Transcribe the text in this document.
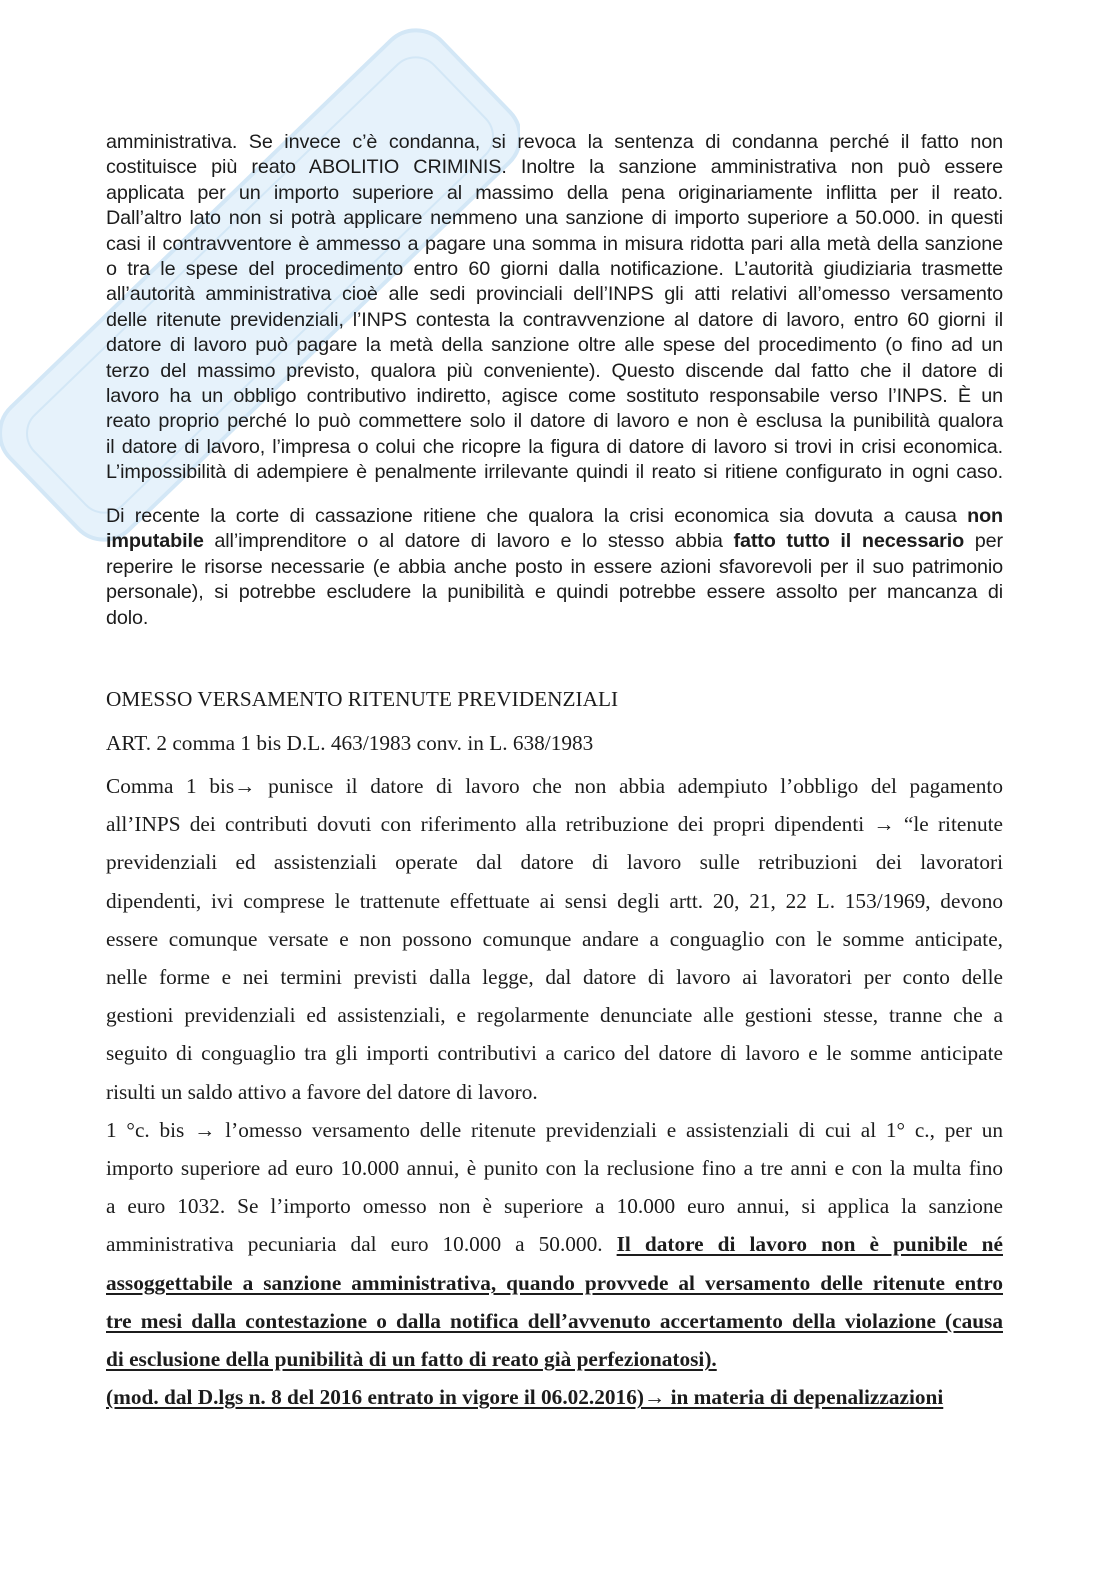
amministrativa. Se invece c’è condanna, si revoca la sentenza di condanna perché il fatto non
costituisce più reato ABOLITIO CRIMINIS. Inoltre la sanzione amministrativa non può essere
applicata per un importo superiore al massimo della pena originariamente inflitta per il reato.
Dall’altro lato non si potrà applicare nemmeno una sanzione di importo superiore a 50.000. in questi
casi il contravventore è ammesso a pagare una somma in misura ridotta pari alla metà della sanzione
o tra le spese del procedimento entro 60 giorni dalla notificazione. L’autorità giudiziaria trasmette
all’autorità amministrativa cioè alle sedi provinciali dell’INPS gli atti relativi all’omesso versamento
delle ritenute previdenziali, l’INPS contesta la contravvenzione al datore di lavoro, entro 60 giorni il
datore di lavoro può pagare la metà della sanzione oltre alle spese del procedimento (o fino ad un
terzo del massimo previsto, qualora più conveniente). Questo discende dal fatto che il datore di
lavoro ha un obbligo contributivo indiretto, agisce come sostituto responsabile verso l’INPS. È un
reato proprio perché lo può commettere solo il datore di lavoro e non è esclusa la punibilità qualora
il datore di lavoro, l’impresa o colui che ricopre la figura di datore di lavoro si trovi in crisi economica.
L’impossibilità di adempiere è penalmente irrilevante quindi il reato si ritiene configurato in ogni caso.
Di recente la corte di cassazione ritiene che qualora la crisi economica sia dovuta a causa non
imputabile all’imprenditore o al datore di lavoro e lo stesso abbia fatto tutto il necessario per
reperire le risorse necessarie (e abbia anche posto in essere azioni sfavorevoli per il suo patrimonio
personale), si potrebbe escludere la punibilità e quindi potrebbe essere assolto per mancanza di
dolo.
OMESSO VERSAMENTO RITENUTE PREVIDENZIALI
ART. 2 comma 1 bis D.L. 463/1983 conv. in L. 638/1983
Comma 1 bis→ punisce il datore di lavoro che non abbia adempiuto l’obbligo del pagamento
all’INPS dei contributi dovuti con riferimento alla retribuzione dei propri dipendenti → “le ritenute
previdenziali ed assistenziali operate dal datore di lavoro sulle retribuzioni dei lavoratori
dipendenti, ivi comprese le trattenute effettuate ai sensi degli artt. 20, 21, 22 L. 153/1969, devono
essere comunque versate e non possono comunque andare a conguaglio con le somme anticipate,
nelle forme e nei termini previsti dalla legge, dal datore di lavoro ai lavoratori per conto delle
gestioni previdenziali ed assistenziali, e regolarmente denunciate alle gestioni stesse, tranne che a
seguito di conguaglio tra gli importi contributivi a carico del datore di lavoro e le somme anticipate
risulti un saldo attivo a favore del datore di lavoro.
1 °c. bis → l’omesso versamento delle ritenute previdenziali e assistenziali di cui al 1° c., per un
importo superiore ad euro 10.000 annui, è punito con la reclusione fino a tre anni e con la multa fino
a euro 1032. Se l’importo omesso non è superiore a 10.000 euro annui, si applica la sanzione
amministrativa pecuniaria dal euro 10.000 a 50.000. Il datore di lavoro non è punibile né
assoggettabile a sanzione amministrativa, quando provvede al versamento delle ritenute entro
tre mesi dalla contestazione o dalla notifica dell’avvenuto accertamento della violazione (causa
di esclusione della punibilità di un fatto di reato già perfezionatosi).
(mod. dal D.lgs n. 8 del 2016 entrato in vigore il 06.02.2016)→ in materia di depenalizzazioni
